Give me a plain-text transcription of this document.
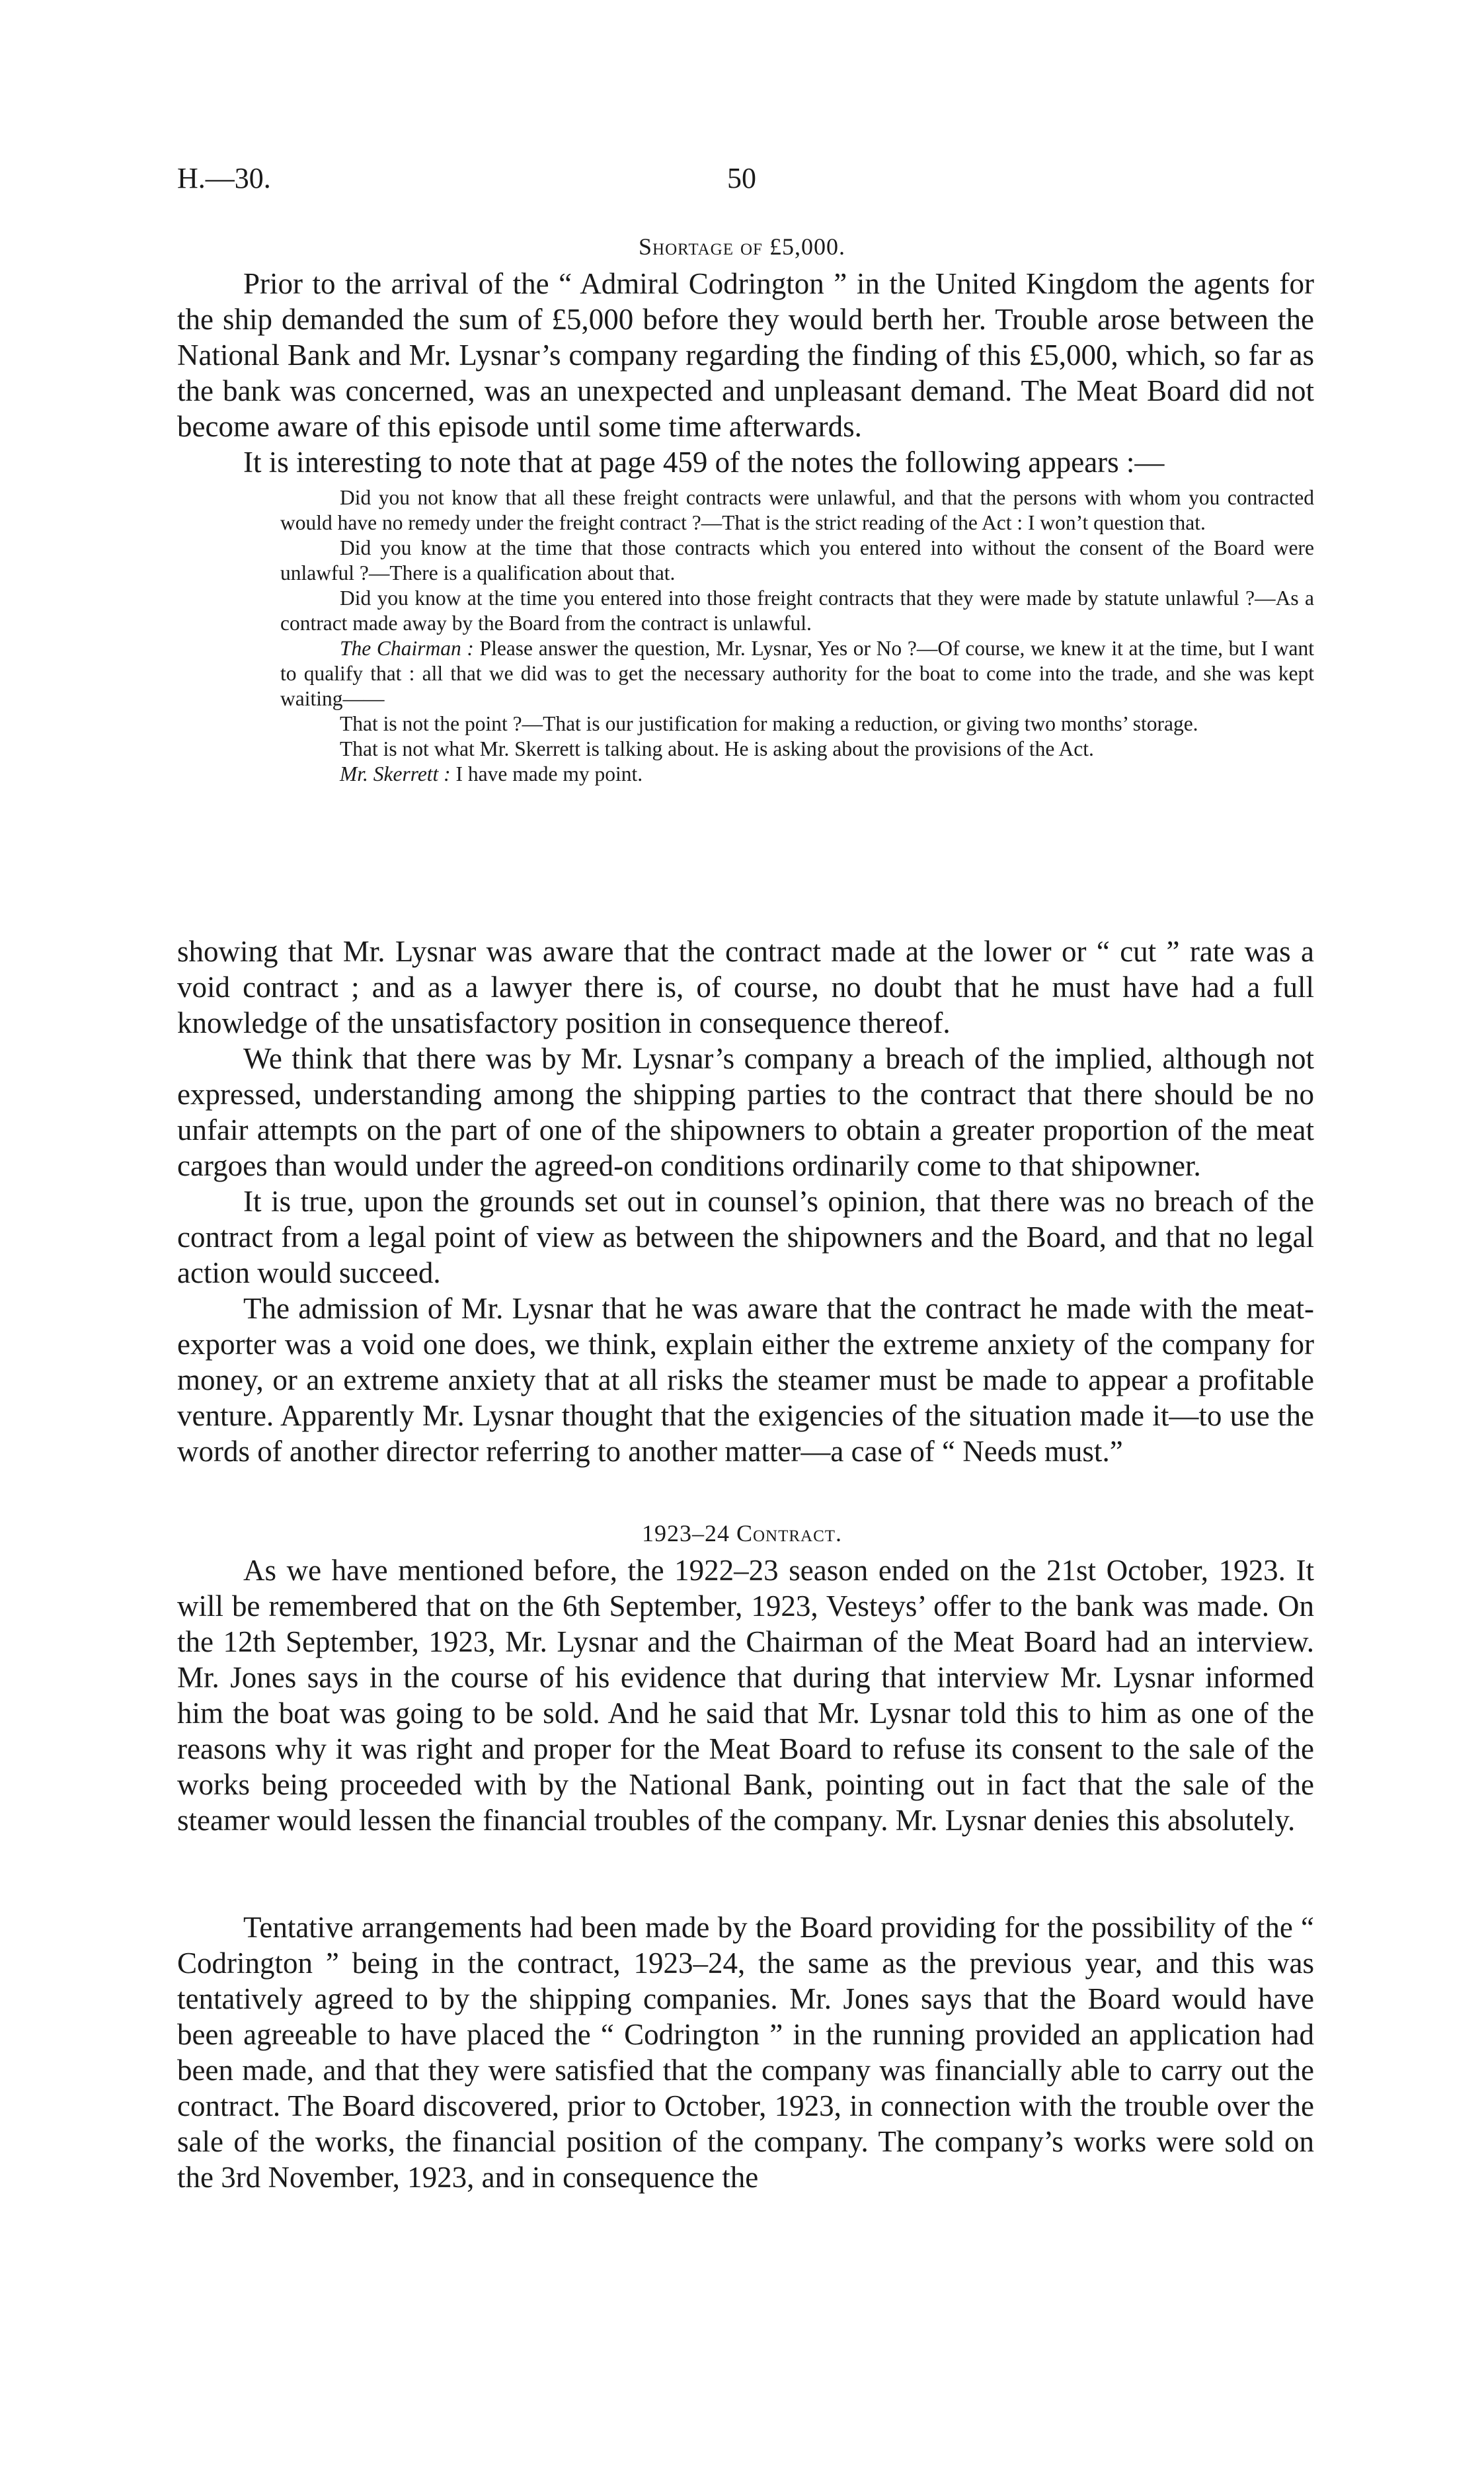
H.—30.	50
Shortage of £5,000.

Prior to the arrival of the “ Admiral Codrington ” in the United Kingdom the agents for the ship demanded the sum of £5,000 before they would berth her. Trouble arose between the National Bank and Mr. Lysnar’s company regarding the finding of this £5,000, which, so far as the bank was concerned, was an unexpected and unpleasant demand. The Meat Board did not become aware of this episode until some time afterwards.

It is interesting to note that at page 459 of the notes the following appears :—

Did you not know that all these freight contracts were unlawful, and that the persons with whom you contracted would have no remedy under the freight contract ?—That is the strict reading of the Act : I won’t question that.

Did you know at the time that those contracts which you entered into without the consent of the Board were unlawful ?—There is a qualification about that.

Did you know at the time you entered into those freight contracts that they were made by statute unlawful ?—As a contract made away by the Board from the contract is unlawful.

The Chairman : Please answer the question, Mr. Lysnar, Yes or No ?—Of course, we knew it at the time, but I want to qualify that : all that we did was to get the necessary authority for the boat to come into the trade, and she was kept waiting——

That is not the point ?—That is our justification for making a reduction, or giving two months’ storage.

That is not what Mr. Skerrett is talking about. He is asking about the provisions of the Act.

Mr. Skerrett : I have made my point.

showing that Mr. Lysnar was aware that the contract made at the lower or “ cut ” rate was a void contract ; and as a lawyer there is, of course, no doubt that he must have had a full knowledge of the unsatisfactory position in consequence thereof.

We think that there was by Mr. Lysnar’s company a breach of the implied, although not expressed, understanding among the shipping parties to the contract that there should be no unfair attempts on the part of one of the shipowners to obtain a greater proportion of the meat cargoes than would under the agreed-on conditions ordinarily come to that shipowner.

It is true, upon the grounds set out in counsel’s opinion, that there was no breach of the contract from a legal point of view as between the shipowners and the Board, and that no legal action would succeed.

The admission of Mr. Lysnar that he was aware that the contract he made with the meat-exporter was a void one does, we think, explain either the extreme anxiety of the company for money, or an extreme anxiety that at all risks the steamer must be made to appear a profitable venture. Apparently Mr. Lysnar thought that the exigencies of the situation made it—to use the words of another director referring to another matter—a case of “ Needs must.”

1923–24 Contract.

As we have mentioned before, the 1922–23 season ended on the 21st October, 1923. It will be remembered that on the 6th September, 1923, Vesteys’ offer to the bank was made. On the 12th September, 1923, Mr. Lysnar and the Chairman of the Meat Board had an interview. Mr. Jones says in the course of his evidence that during that interview Mr. Lysnar informed him the boat was going to be sold. And he said that Mr. Lysnar told this to him as one of the reasons why it was right and proper for the Meat Board to refuse its consent to the sale of the works being proceeded with by the National Bank, pointing out in fact that the sale of the steamer would lessen the financial troubles of the company. Mr. Lysnar denies this absolutely.

Tentative arrangements had been made by the Board providing for the possibility of the “ Codrington ” being in the contract, 1923–24, the same as the previous year, and this was tentatively agreed to by the shipping companies. Mr. Jones says that the Board would have been agreeable to have placed the “ Codrington ” in the running provided an application had been made, and that they were satisfied that the company was financially able to carry out the contract. The Board discovered, prior to October, 1923, in connection with the trouble over the sale of the works, the financial position of the company. The company’s works were sold on the 3rd November, 1923, and in consequence the
